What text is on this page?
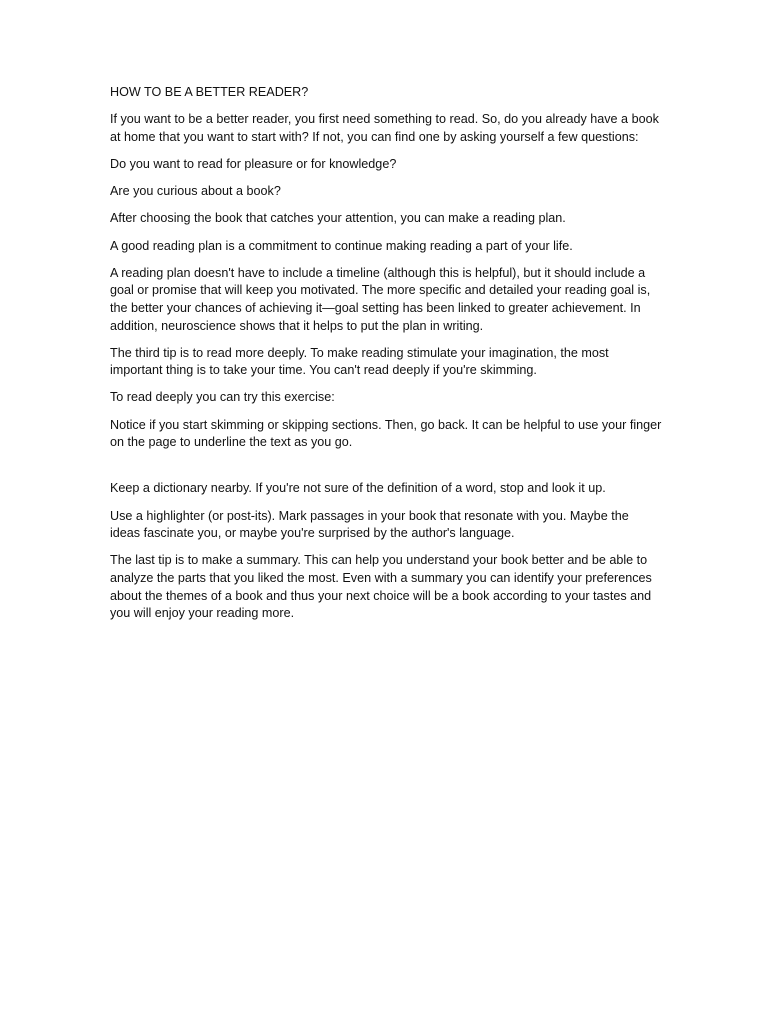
HOW TO BE A BETTER READER?

If you want to be a better reader, you first need something to read. So, do you already have a book at home that you want to start with? If not, you can find one by asking yourself a few questions:

Do you want to read for pleasure or for knowledge?

Are you curious about a book?

After choosing the book that catches your attention, you can make a reading plan.

A good reading plan is a commitment to continue making reading a part of your life.

A reading plan doesn't have to include a timeline (although this is helpful), but it should include a goal or promise that will keep you motivated. The more specific and detailed your reading goal is, the better your chances of achieving it—goal setting has been linked to greater achievement. In addition, neuroscience shows that it helps to put the plan in writing.

The third tip is to read more deeply. To make reading stimulate your imagination, the most important thing is to take your time. You can't read deeply if you're skimming.

To read deeply you can try this exercise:

Notice if you start skimming or skipping sections. Then, go back. It can be helpful to use your finger on the page to underline the text as you go.

Keep a dictionary nearby. If you're not sure of the definition of a word, stop and look it up.

Use a highlighter (or post-its). Mark passages in your book that resonate with you. Maybe the ideas fascinate you, or maybe you're surprised by the author's language.

The last tip is to make a summary. This can help you understand your book better and be able to analyze the parts that you liked the most. Even with a summary you can identify your preferences about the themes of a book and thus your next choice will be a book according to your tastes and you will enjoy your reading more.
